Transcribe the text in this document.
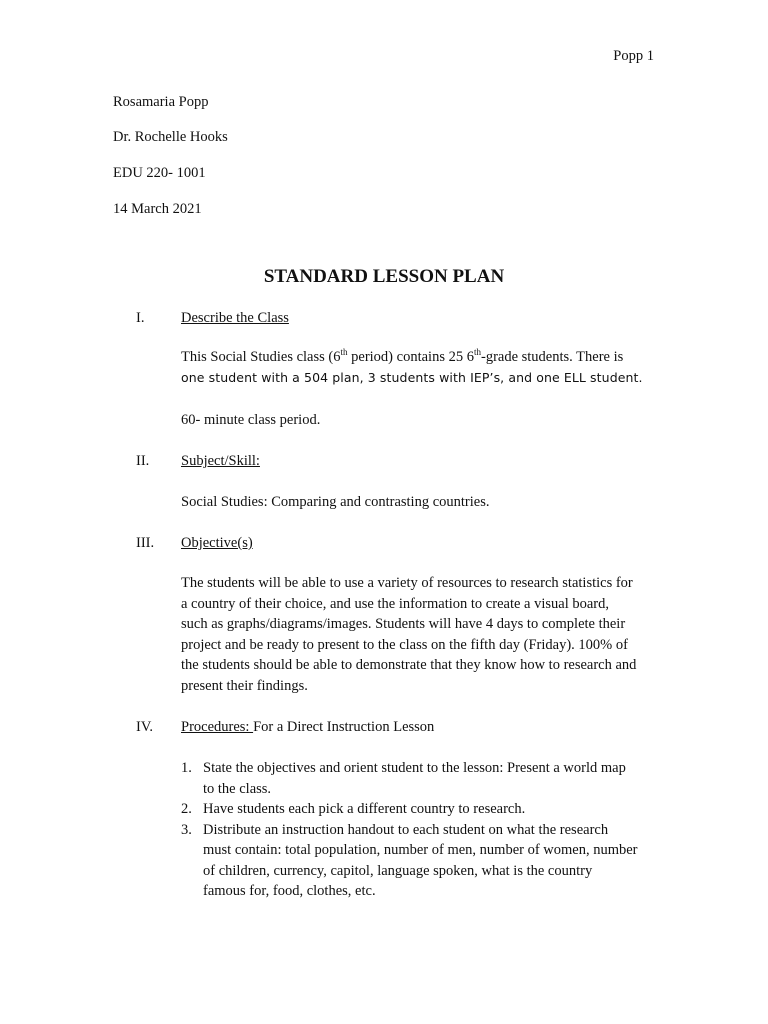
Popp 1

Rosamaria Popp

Dr. Rochelle Hooks

EDU 220- 1001

14 March 2021

STANDARD LESSON PLAN
I.	Describe the Class
This Social Studies class (6th period) contains 25 6th-grade students. There is
one student with a 504 plan, 3 students with IEP’s, and one ELL student.

60- minute class period.

II. Subject/Skill:

Social Studies: Comparing and contrasting countries.

III. Objective(s)
The students will be able to use a variety of resources to research statistics for
a country of their choice, and use the information to create a visual board,
such as graphs/diagrams/images. Students will have 4 days to complete their
project and be ready to present to the class on the fifth day (Friday). 100% of
the students should be able to demonstrate that they know how to research and
present their findings.
IV. Procedures: For a Direct Instruction Lesson
1. State the objectives and orient student to the lesson: Present a world map
to the class.
2. Have students each pick a different country to research.
3. Distribute an instruction handout to each student on what the research
must contain: total population, number of men, number of women, number
of children, currency, capitol, language spoken, what is the country
famous for, food, clothes, etc.
